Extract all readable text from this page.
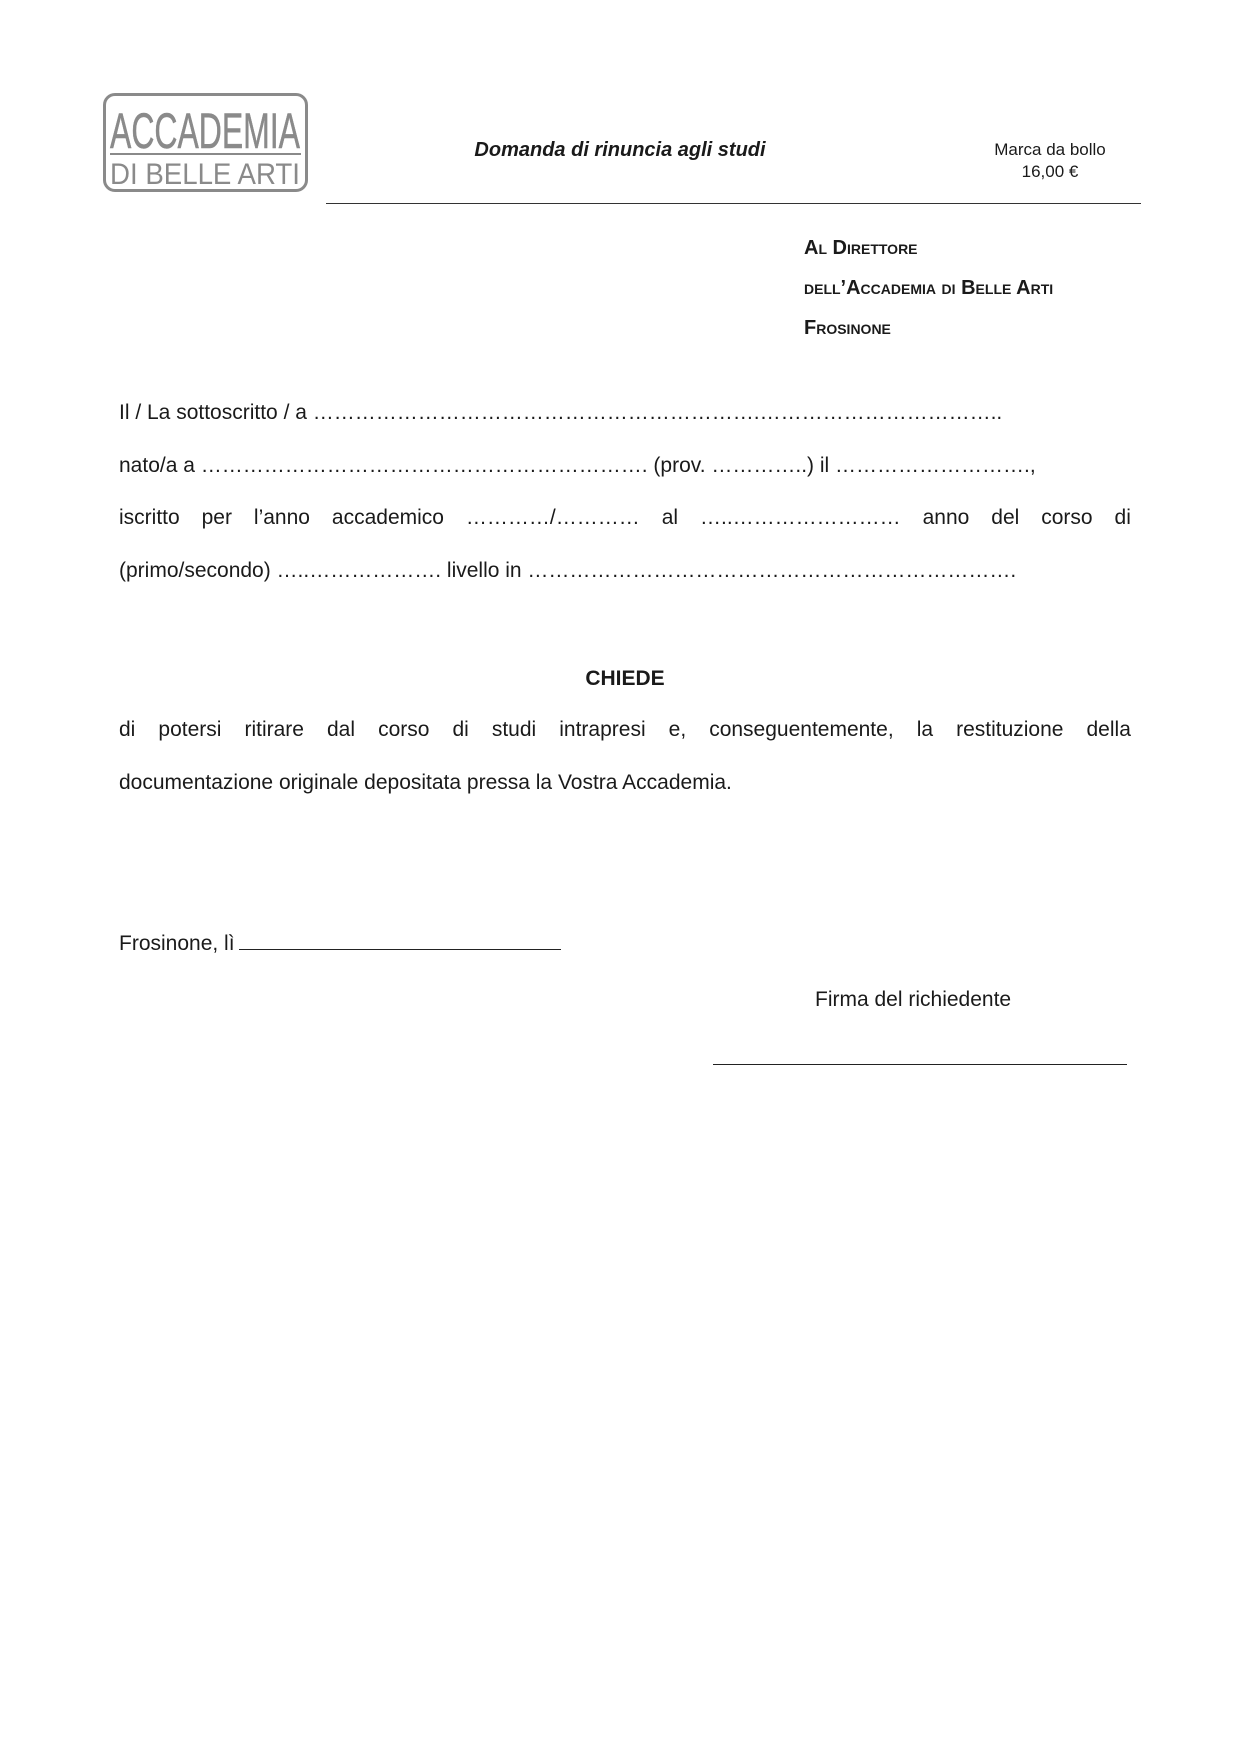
ACCADEMIA
DI BELLE ARTI
Domanda di rinuncia agli studi	Marca da bollo
16,00 €
Al Direttore
dell’Accademia di Belle Arti
Frosinone
Il / La sottoscritto / a ……………………………………………………….……………………………..
nato/a a ………………………………………………………. (prov. …………..) il ……………………….,
iscritto per l’anno accademico …………/………… al …..…………………… anno del corso di
(primo/secondo) …..………………. livello in …………………………………………………………….
CHIEDE
di potersi ritirare dal corso di studi intrapresi e, conseguentemente, la restituzione della
documentazione originale depositata pressa la Vostra Accademia.
Frosinone, lì
Firma del richiedente
